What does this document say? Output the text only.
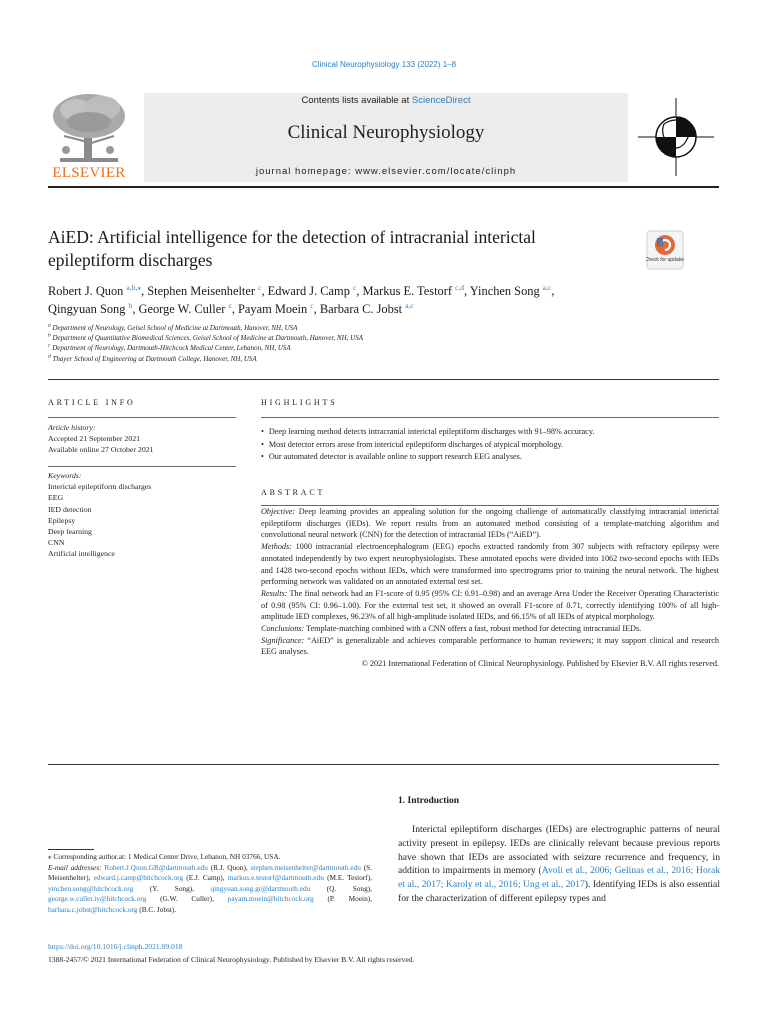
Clinical Neurophysiology 133 (2022) 1–8
ELSEVIER
Contents lists available at ScienceDirect
Clinical Neurophysiology
journal homepage: www.elsevier.com/locate/clinph
AiED: Artificial intelligence for the detection of intracranial interictal epileptiform discharges	Check for updates
Robert J. Quon $^{a,b,⁎}$, Stephen Meisenhelter $^c$, Edward J. Camp $^c$, Markus E. Testorf $^{c,d}$, Yinchen Song $^{a,c}$,
Qingyuan Song $^b$, George W. Culler $^c$, Payam Moein $^c$, Barbara C. Jobst $^{a,c}$
$^a$ Department of Neurology, Geisel School of Medicine at Dartmouth, Hanover, NH, USA
$^b$ Department of Quantitative Biomedical Sciences, Geisel School of Medicine at Dartmouth, Hanover, NH, USA
$^c$ Department of Neurology, Dartmouth-Hitchcock Medical Center, Lebanon, NH, USA
$^d$ Thayer School of Engineering at Dartmouth College, Hanover, NH, USA
ARTICLE INFO
Article history:
Accepted 21 September 2021
Available online 27 October 2021
Keywords:
Interictal epileptiform discharges
EEG
IED detection
Epilepsy
Deep learning
CNN
Artificial intelligence
HIGHLIGHTS
• Deep learning method detects intracranial interictal epileptiform discharges with 91–98% accuracy.
• Most detector errors arose from interictal epileptiform discharges of atypical morphology.
• Our automated detector is available online to support research EEG analyses.
ABSTRACT

Objective: Deep learning provides an appealing solution for the ongoing challenge of automatically classifying intracranial interictal epileptiform discharges (IEDs). We report results from an automated method consisting of a template-matching algorithm and convolutional neural network (CNN) for the detection of intracranial IEDs (“AiED”).

Methods: 1000 intracranial electroencephalogram (EEG) epochs extracted randomly from 307 subjects with refractory epilepsy were annotated independently by two expert neurophysiologists. These annotated epochs were divided into 1062 two-second epochs with IEDs and 1428 two-second epochs without IEDs, which were transformed into spectrograms prior to training the neural network. The highest performing network was validated on an annotated external test set.

Results: The final network had an F1-score of 0.95 (95% CI: 0.91–0.98) and an average Area Under the Receiver Operating Characteristic of 0.98 (95% CI: 0.96–1.00). For the external test set, it showed an overall F1-score of 0.71, correctly identifying 100% of all high-amplitude IED complexes, 96.23% of all high-amplitude isolated IEDs, and 66.15% of all IEDs of atypical morphology.

Conclusions: Template-matching combined with a CNN offers a fast, robust method for detecting intracranial IEDs.

Significance: “AiED” is generalizable and achieves comparable performance to human reviewers; it may support clinical and research EEG analyses.

© 2021 International Federation of Clinical Neurophysiology. Published by Elsevier B.V. All rights reserved.

⁎ Corresponding author.at: 1 Medical Center Drive, Lebanon, NH 03766, USA.

E-mail addresses: Robert.J.Quon.GR@dartmouth.edu (R.J. Quon), stephen.meisenhelter@dartmouth.edu (S. Meisenhelter), edward.j.camp@hitchcock.org (E.J. Camp), markus.e.testorf@dartmouth.edu (M.E. Testorf), yinchen.song@hitchcock.org (Y. Song), qingyuan.song.gr@dartmouth.edu (Q. Song), george.w.culler.iv@hitchcock.org (G.W. Culler), payam.moein@hitchcock.org (P. Moein), barbara.c.jobst@hitchcock.org (B.C. Jobst).

1. Introduction

Interictal epileptiform discharges (IEDs) are electrographic patterns of neural activity present in epilepsy. IEDs are clinically relevant because previous reports have shown that IEDs are associated with seizure recurrence and frequency, in addition to impairments in memory (Avoli et al., 2006; Gelinas et al., 2016; Horak et al., 2017; Karoly et al., 2016; Ung et al., 2017). Identifying IEDs is also essential for the characterization of different epilepsy types and

https://doi.org/10.1016/j.clinph.2021.09.018
1388-2457/© 2021 International Federation of Clinical Neurophysiology. Published by Elsevier B.V. All rights reserved.
